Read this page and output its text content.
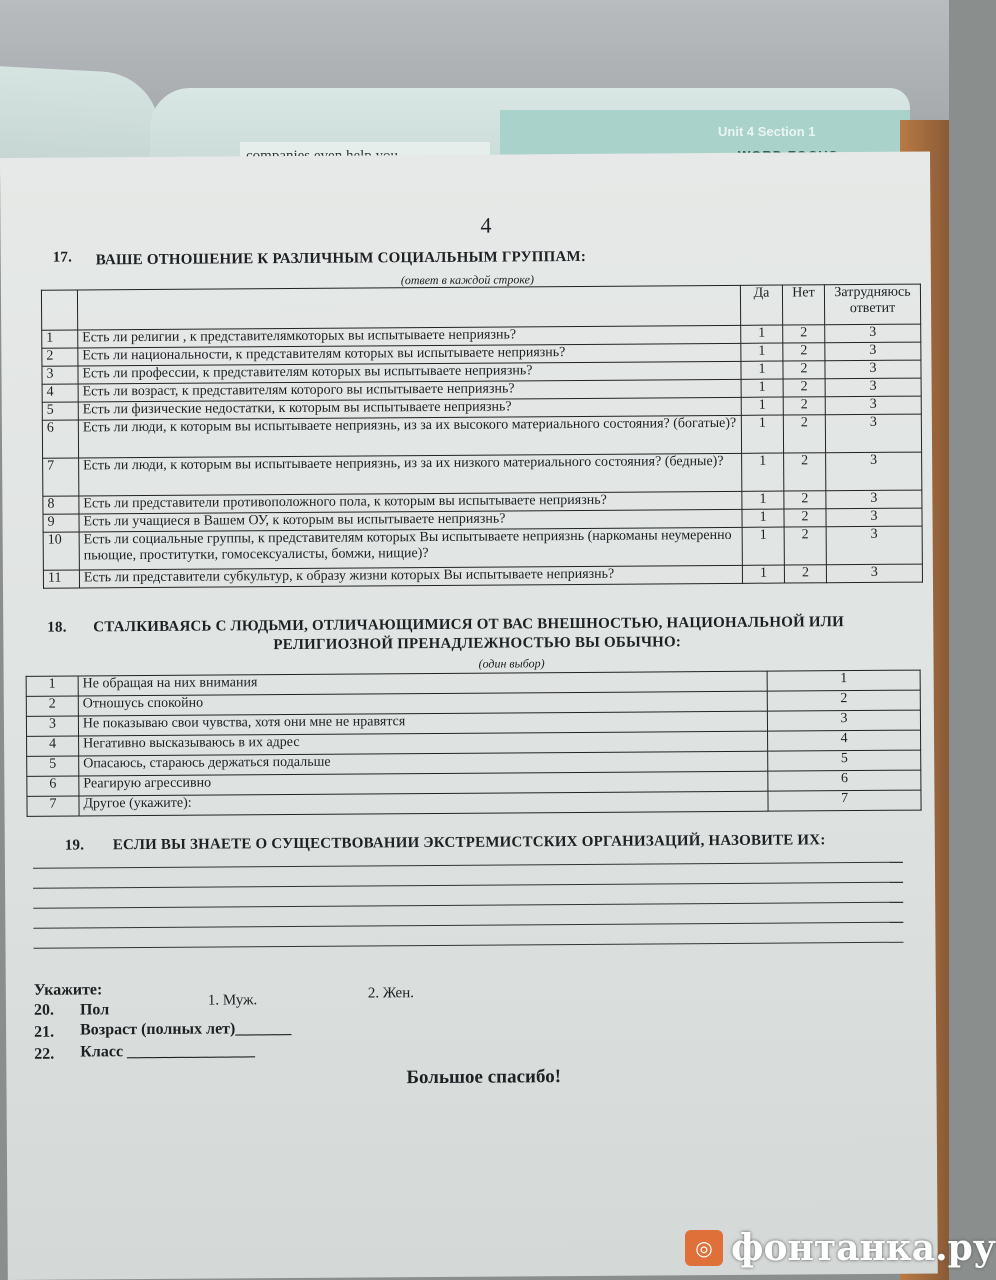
Unit 4 Section 1
4
17. ВАШЕ ОТНОШЕНИЕ К РАЗЛИЧНЫМ СОЦИАЛЬНЫМ ГРУППАМ:
(ответ в каждой строке)
		Да	Нет	Затрудняюсь ответит
1	Есть ли религии , к представителямкоторых вы испытываете неприязнь?	1	2	3
2	Есть ли национальности, к представителям которых вы испытываете неприязнь?	1	2	3
3	Есть ли профессии, к представителям которых вы испытываете неприязнь?	1	2	3
4	Есть ли возраст, к представителям которого вы испытываете неприязнь?	1	2	3
5	Есть ли физические недостатки, к которым вы испытываете неприязнь?	1	2	3
6	Есть ли люди, к которым вы испытываете неприязнь, из за их высокого материального состояния? (богатые)?	1	2	3
7	Есть ли люди, к которым вы испытываете неприязнь, из за их низкого материального состояния? (бедные)?	1	2	3
8	Есть ли представители противоположного пола, к которым вы испытываете неприязнь?	1	2	3
9	Есть ли учащиеся в Вашем ОУ, к которым вы испытываете неприязнь?	1	2	3
10	Есть ли социальные группы, к представителям которых Вы испытываете неприязнь (наркоманы неумеренно пьющие, проститутки, гомосексуалисты, бомжи, нищие)?	1	2	3
11	Есть ли представители субкультур, к образу жизни которых Вы испытываете неприязнь?	1	2	3
18. СТАЛКИВАЯСЬ С ЛЮДЬМИ, ОТЛИЧАЮЩИМИСЯ ОТ ВАС ВНЕШНОСТЬЮ, НАЦИОНАЛЬНОЙ ИЛИ
РЕЛИГИОЗНОЙ ПРЕНАДЛЕЖНОСТЬЮ ВЫ ОБЫЧНО:
(один выбор)
1	Не обращая на них внимания	1
2	Отношусь спокойно	2
3	Не показываю свои чувства, хотя они мне не нравятся	3
4	Негативно высказываюсь в их адрес	4
5	Опасаюсь, стараюсь держаться подальше	5
6	Реагирую агрессивно	6
7	Другое (укажите):	7
19. ЕСЛИ ВЫ ЗНАЕТЕ О СУЩЕСТВОВАНИИ ЭКСТРЕМИСТСКИХ ОРГАНИЗАЦИЙ, НАЗОВИТЕ ИХ:
Укажите:
20. Пол
1. Муж.	2. Жен.
21. Возраст (полных лет)_______
22. Класс ________________
Большое спасибо!
◎ фонтанка.ру
